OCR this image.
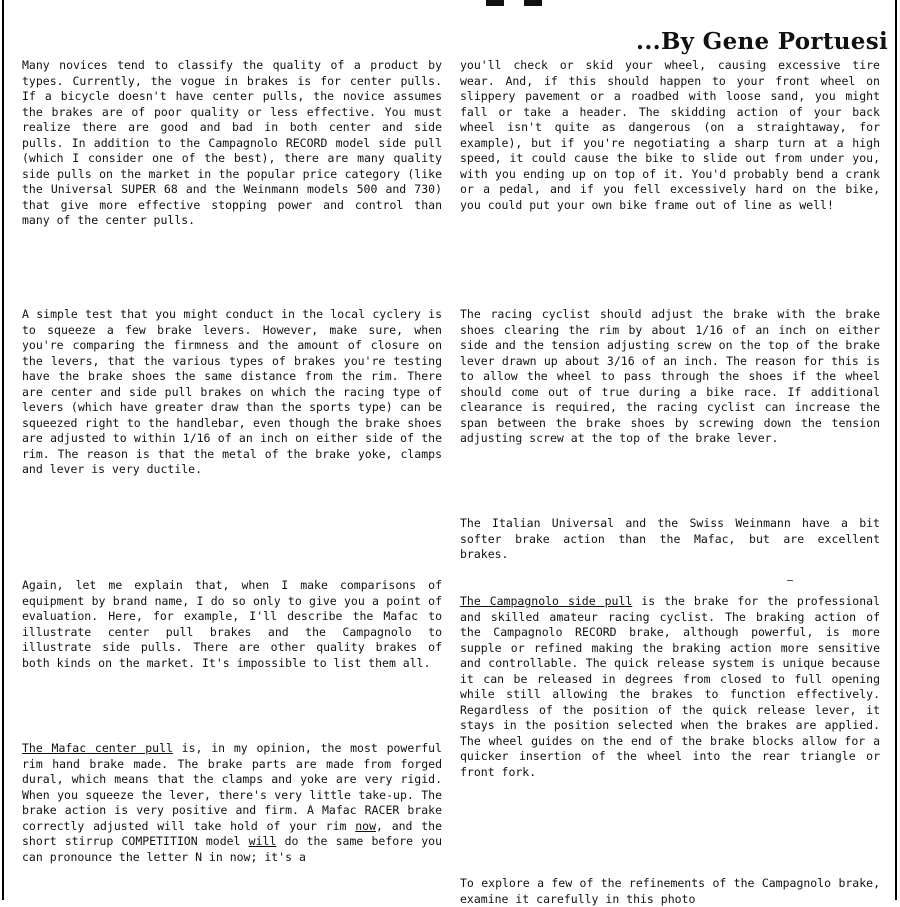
...By Gene Portuesi

Many novices tend to classify the quality of a product by types. Currently, the vogue in brakes is for center pulls. If a bicycle doesn't have center pulls, the novice assumes the brakes are of poor quality or less effective. You must realize there are good and bad in both center and side pulls. In addition to the Campagnolo RECORD model side pull (which I consider one of the best), there are many quality side pulls on the market in the popular price category (like the Universal SUPER 68 and the Weinmann models 500 and 730) that give more effective stopping power and control than many of the center pulls.

A simple test that you might conduct in the local cyclery is to squeeze a few brake levers. However, make sure, when you're comparing the firmness and the amount of closure on the levers, that the various types of brakes you're testing have the brake shoes the same distance from the rim. There are center and side pull brakes on which the racing type of levers (which have greater draw than the sports type) can be squeezed right to the handlebar, even though the brake shoes are adjusted to within 1/16 of an inch on either side of the rim. The reason is that the metal of the brake yoke, clamps and lever is very ductile.

Again, let me explain that, when I make comparisons of equipment by brand name, I do so only to give you a point of evaluation. Here, for example, I'll describe the Mafac to illustrate center pull brakes and the Campagnolo to illustrate side pulls. There are other quality brakes of both kinds on the market. It's impossible to list them all.

The Mafac center pull is, in my opinion, the most powerful rim hand brake made. The brake parts are made from forged dural, which means that the clamps and yoke are very rigid. When you squeeze the lever, there's very little take-up. The brake action is very positive and firm. A Mafac RACER brake correctly adjusted will take hold of your rim now, and the short stirrup COMPETITION model will do the same before you can pronounce the letter N in now; it's a

you'll check or skid your wheel, causing excessive tire wear. And, if this should happen to your front wheel on slippery pavement or a roadbed with loose sand, you might fall or take a header. The skidding action of your back wheel isn't quite as dangerous (on a straightaway, for example), but if you're negotiating a sharp turn at a high speed, it could cause the bike to slide out from under you, with you ending up on top of it. You'd probably bend a crank or a pedal, and if you fell excessively hard on the bike, you could put your own bike frame out of line as well!

The racing cyclist should adjust the brake with the brake shoes clearing the rim by about 1/16 of an inch on either side and the tension adjusting screw on the top of the brake lever drawn up about 3/16 of an inch. The reason for this is to allow the wheel to pass through the shoes if the wheel should come out of true during a bike race. If additional clearance is required, the racing cyclist can increase the span between the brake shoes by screwing down the tension adjusting screw at the top of the brake lever.

The Italian Universal and the Swiss Weinmann have a bit softer brake action than the Mafac, but are excellent brakes.

The Campagnolo side pull is the brake for the professional and skilled amateur racing cyclist. The braking action of the Campagnolo RECORD brake, although powerful, is more supple or refined making the braking action more sensitive and controllable. The quick release system is unique because it can be released in degrees from closed to full opening while still allowing the brakes to function effectively. Regardless of the position of the quick release lever, it stays in the position selected when the brakes are applied. The wheel guides on the end of the brake blocks allow for a quicker insertion of the wheel into the rear triangle or front fork.

To explore a few of the refinements of the Campagnolo brake, examine it carefully in this photo
